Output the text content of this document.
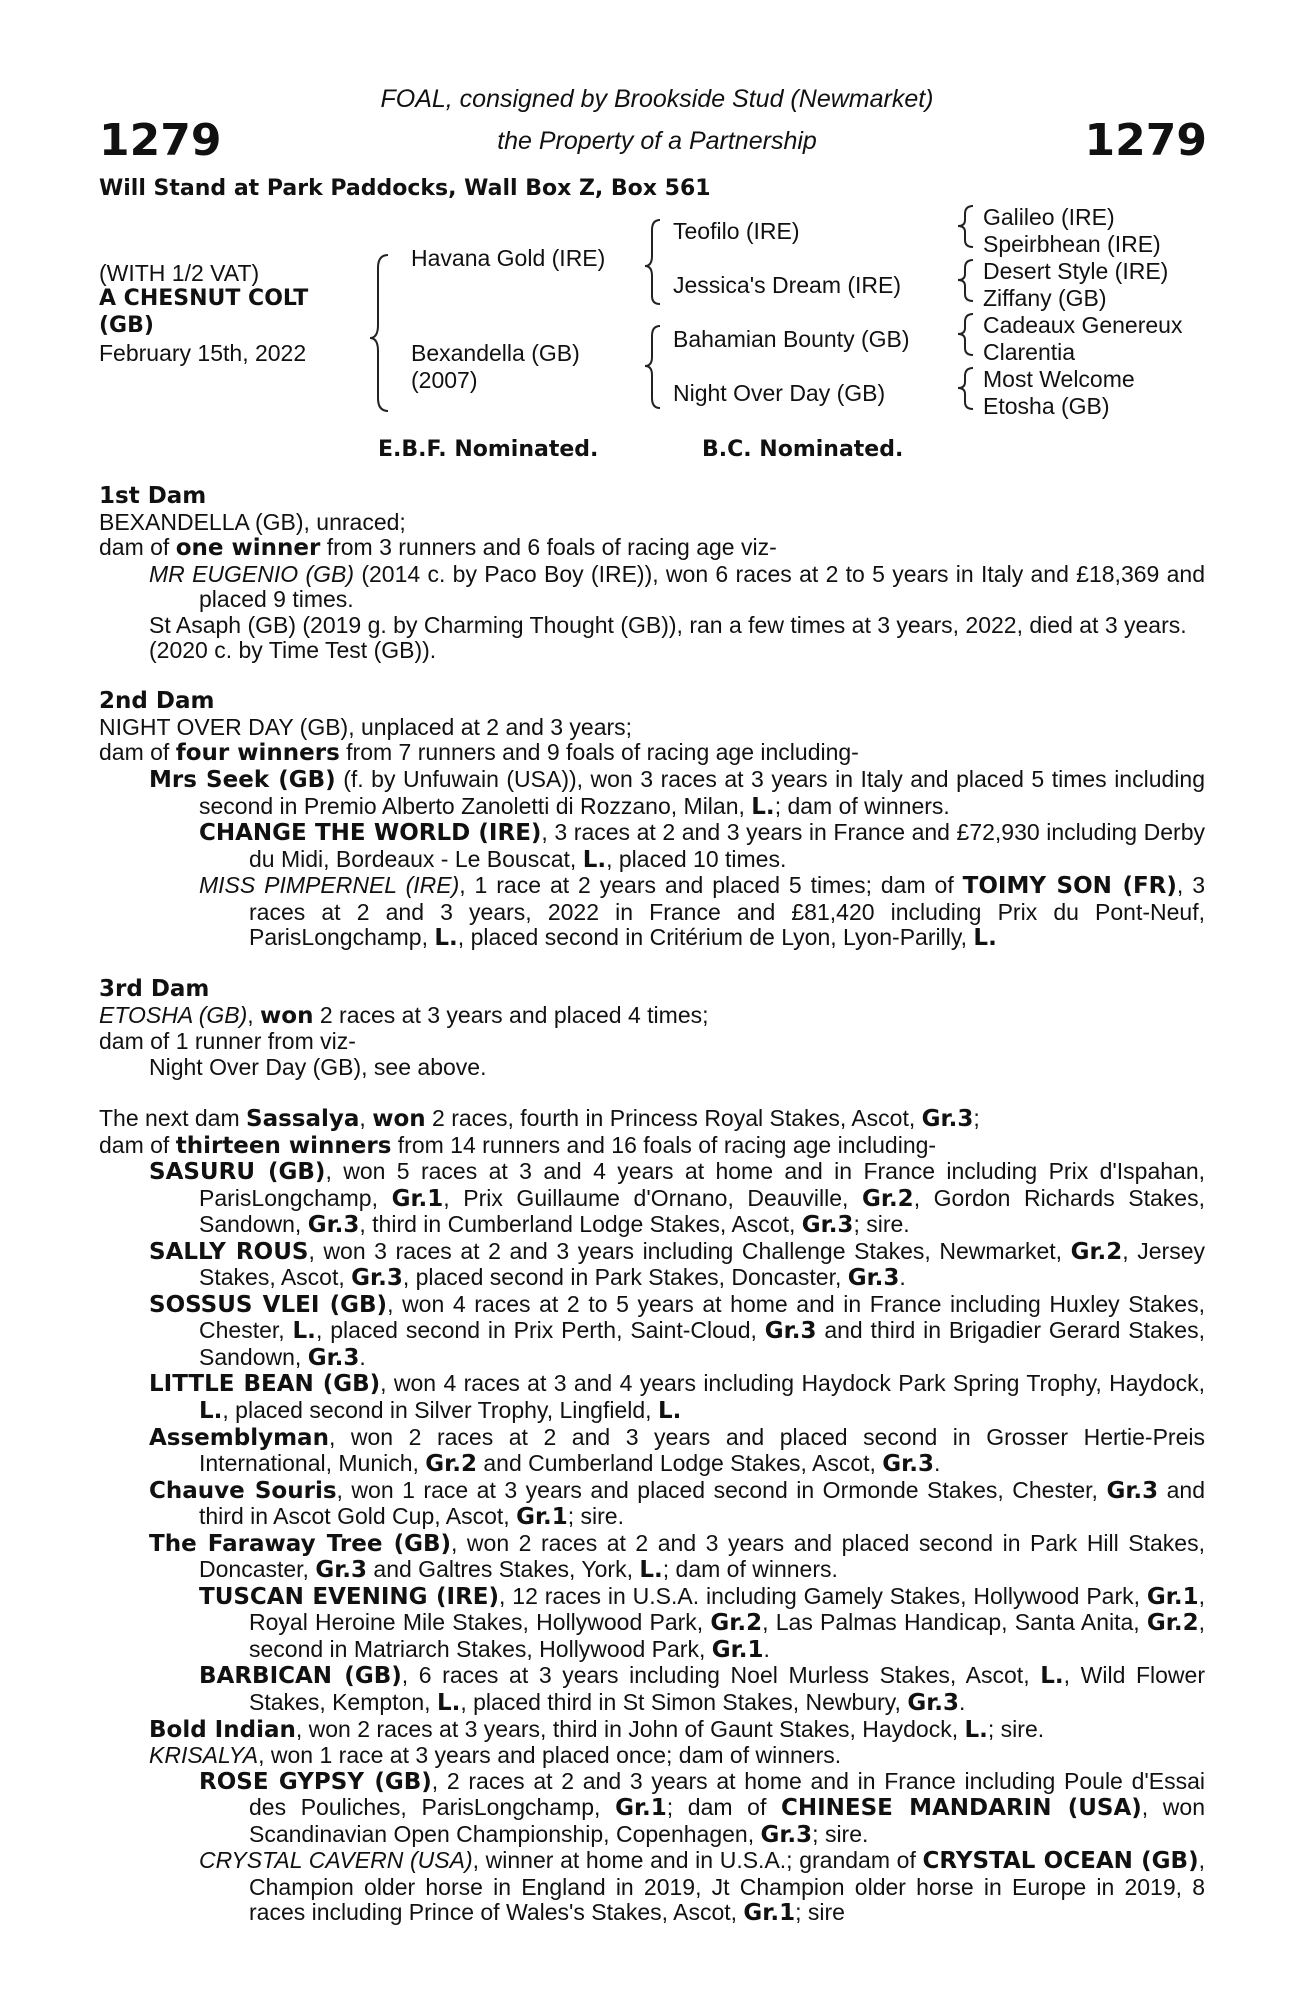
1279	1279
FOAL, consigned by Brookside Stud (Newmarket)
the Property of a Partnership
Will Stand at Park Paddocks, Wall Box Z, Box 561
(WITH 1/2 VAT)
A CHESNUT COLT
(GB)
February 15th, 2022
Havana Gold (IRE)
Bexandella (GB)
(2007)
Teofilo (IRE)
Jessica's Dream (IRE)
Bahamian Bounty (GB)
Night Over Day (GB)
Galileo (IRE)
Speirbhean (IRE)
Desert Style (IRE)
Ziffany (GB)
Cadeaux Genereux
Clarentia
Most Welcome
Etosha (GB)
E.B.F. Nominated.	B.C. Nominated.

1st Dam

BEXANDELLA (GB), unraced;

dam of one winner from 3 runners and 6 foals of racing age viz-

MR EUGENIO (GB) (2014 c. by Paco Boy (IRE)), won 6 races at 2 to 5 years in Italy and £18,369 and placed 9 times.

St Asaph (GB) (2019 g. by Charming Thought (GB)), ran a few times at 3 years, 2022, died at 3 years.

(2020 c. by Time Test (GB)).

2nd Dam

NIGHT OVER DAY (GB), unplaced at 2 and 3 years;

dam of four winners from 7 runners and 9 foals of racing age including-

Mrs Seek (GB) (f. by Unfuwain (USA)), won 3 races at 3 years in Italy and placed 5 times including second in Premio Alberto Zanoletti di Rozzano, Milan, L.; dam of winners.

CHANGE THE WORLD (IRE), 3 races at 2 and 3 years in France and £72,930 including Derby du Midi, Bordeaux - Le Bouscat, L., placed 10 times.

MISS PIMPERNEL (IRE), 1 race at 2 years and placed 5 times; dam of TOIMY SON (FR), 3 races at 2 and 3 years, 2022 in France and £81,420 including Prix du Pont-Neuf, ParisLongchamp, L., placed second in Critérium de Lyon, Lyon-Parilly, L.

3rd Dam

ETOSHA (GB), won 2 races at 3 years and placed 4 times;

dam of 1 runner from viz-

Night Over Day (GB), see above.

The next dam Sassalya, won 2 races, fourth in Princess Royal Stakes, Ascot, Gr.3;

dam of thirteen winners from 14 runners and 16 foals of racing age including-

SASURU (GB), won 5 races at 3 and 4 years at home and in France including Prix d'Ispahan, ParisLongchamp, Gr.1, Prix Guillaume d'Ornano, Deauville, Gr.2, Gordon Richards Stakes, Sandown, Gr.3, third in Cumberland Lodge Stakes, Ascot, Gr.3; sire.

SALLY ROUS, won 3 races at 2 and 3 years including Challenge Stakes, Newmarket, Gr.2, Jersey Stakes, Ascot, Gr.3, placed second in Park Stakes, Doncaster, Gr.3.

SOSSUS VLEI (GB), won 4 races at 2 to 5 years at home and in France including Huxley Stakes, Chester, L., placed second in Prix Perth, Saint-Cloud, Gr.3 and third in Brigadier Gerard Stakes, Sandown, Gr.3.

LITTLE BEAN (GB), won 4 races at 3 and 4 years including Haydock Park Spring Trophy, Haydock, L., placed second in Silver Trophy, Lingfield, L.

Assemblyman, won 2 races at 2 and 3 years and placed second in Grosser Hertie-Preis International, Munich, Gr.2 and Cumberland Lodge Stakes, Ascot, Gr.3.

Chauve Souris, won 1 race at 3 years and placed second in Ormonde Stakes, Chester, Gr.3 and third in Ascot Gold Cup, Ascot, Gr.1; sire.

The Faraway Tree (GB), won 2 races at 2 and 3 years and placed second in Park Hill Stakes, Doncaster, Gr.3 and Galtres Stakes, York, L.; dam of winners.

TUSCAN EVENING (IRE), 12 races in U.S.A. including Gamely Stakes, Hollywood Park, Gr.1, Royal Heroine Mile Stakes, Hollywood Park, Gr.2, Las Palmas Handicap, Santa Anita, Gr.2, second in Matriarch Stakes, Hollywood Park, Gr.1.

BARBICAN (GB), 6 races at 3 years including Noel Murless Stakes, Ascot, L., Wild Flower Stakes, Kempton, L., placed third in St Simon Stakes, Newbury, Gr.3.

Bold Indian, won 2 races at 3 years, third in John of Gaunt Stakes, Haydock, L.; sire.

KRISALYA, won 1 race at 3 years and placed once; dam of winners.

ROSE GYPSY (GB), 2 races at 2 and 3 years at home and in France including Poule d'Essai des Pouliches, ParisLongchamp, Gr.1; dam of CHINESE MANDARIN (USA), won Scandinavian Open Championship, Copenhagen, Gr.3; sire.

CRYSTAL CAVERN (USA), winner at home and in U.S.A.; grandam of CRYSTAL OCEAN (GB), Champion older horse in England in 2019, Jt Champion older horse in Europe in 2019, 8 races including Prince of Wales's Stakes, Ascot, Gr.1; sire
